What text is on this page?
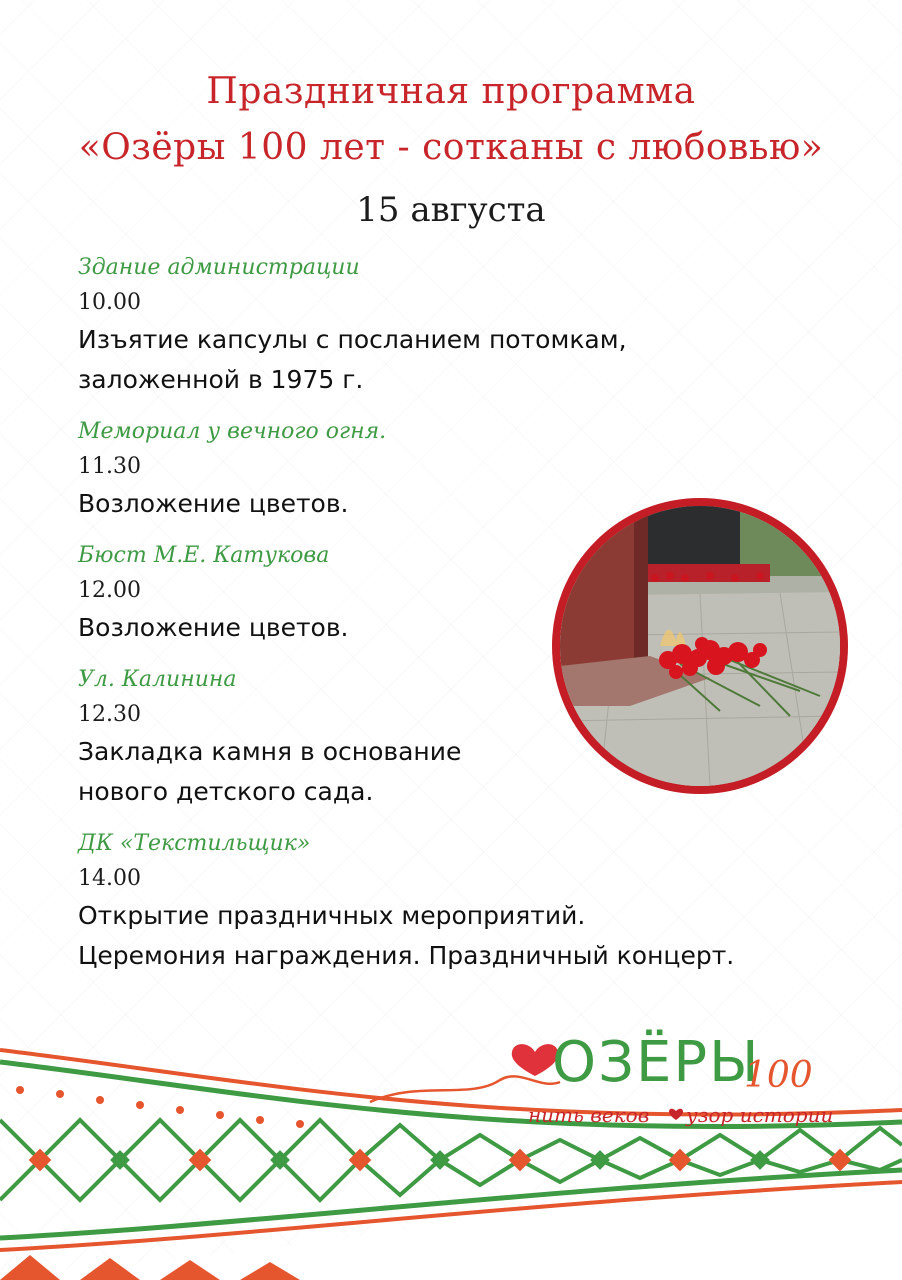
Праздничная программа
«Озёры 100 лет - сотканы с любовью»
15 августа
Здание администрации
10.00
Изъятие капсулы с посланием потомкам,
заложенной в 1975 г.
Мемориал у вечного огня.
11.30
Возложение цветов.
Бюст М.Е. Катукова
12.00
Возложение цветов.
Ул. Калинина
12.30
Закладка камня в основание
нового детского сада.
ДК «Текстильщик»
14.00
Открытие праздничных мероприятий.
Церемония награждения. Праздничный концерт.
ОЗЁРЫ
100
нить веков узор истории
